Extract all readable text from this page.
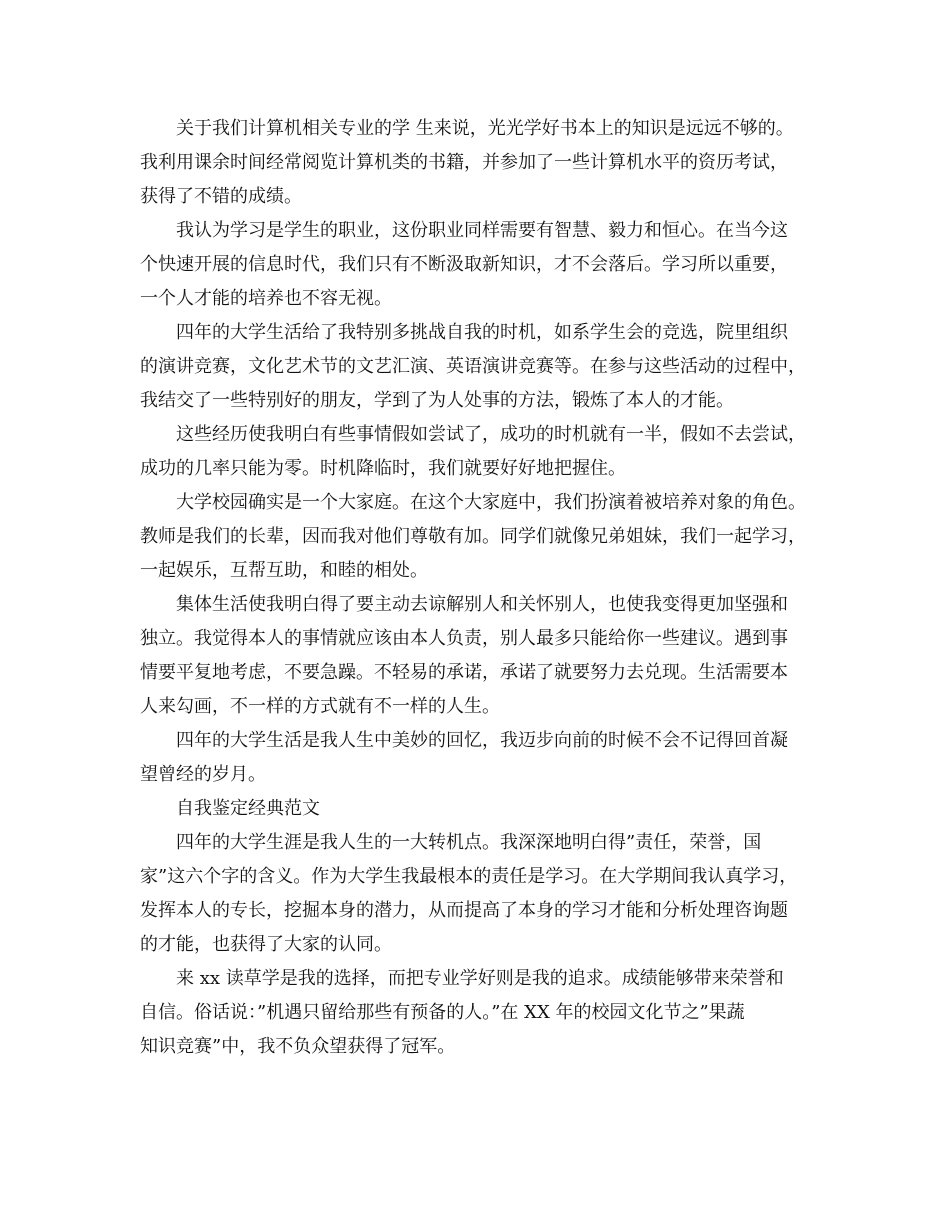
关于我们计算机相关专业的学 生来说，光光学好书本上的知识是远远不够的。
我利用课余时间经常阅览计算机类的书籍，并参加了一些计算机水平的资历考试，
获得了不错的成绩。
我认为学习是学生的职业，这份职业同样需要有智慧、毅力和恒心。在当今这
个快速开展的信息时代，我们只有不断汲取新知识，才不会落后。学习所以重要，
一个人才能的培养也不容无视。
四年的大学生活给了我特别多挑战自我的时机，如系学生会的竞选，院里组织
的演讲竞赛，文化艺术节的文艺汇演、英语演讲竞赛等。在参与这些活动的过程中，
我结交了一些特别好的朋友，学到了为人处事的方法，锻炼了本人的才能。
这些经历使我明白有些事情假如尝试了，成功的时机就有一半，假如不去尝试，
成功的几率只能为零。时机降临时，我们就要好好地把握住。
大学校园确实是一个大家庭。在这个大家庭中，我们扮演着被培养对象的角色。
教师是我们的长辈，因而我对他们尊敬有加。同学们就像兄弟姐妹，我们一起学习，
一起娱乐，互帮互助，和睦的相处。
集体生活使我明白得了要主动去谅解别人和关怀别人，也使我变得更加坚强和
独立。我觉得本人的事情就应该由本人负责，别人最多只能给你一些建议。遇到事
情要平复地考虑，不要急躁。不轻易的承诺，承诺了就要努力去兑现。生活需要本
人来勾画，不一样的方式就有不一样的人生。
四年的大学生活是我人生中美妙的回忆，我迈步向前的时候不会不记得回首凝
望曾经的岁月。
自我鉴定经典范文
四年的大学生涯是我人生的一大转机点。我深深地明白得”责任，荣誉，国
家”这六个字的含义。作为大学生我最根本的责任是学习。在大学期间我认真学习，
发挥本人的专长，挖掘本身的潜力，从而提高了本身的学习才能和分析处理咨询题
的才能，也获得了大家的认同。
来 xx 读草学是我的选择，而把专业学好则是我的追求。成绩能够带来荣誉和
自信。俗话说：”机遇只留给那些有预备的人。”在 XX 年的校园文化节之”果蔬
知识竞赛”中，我不负众望获得了冠军。
